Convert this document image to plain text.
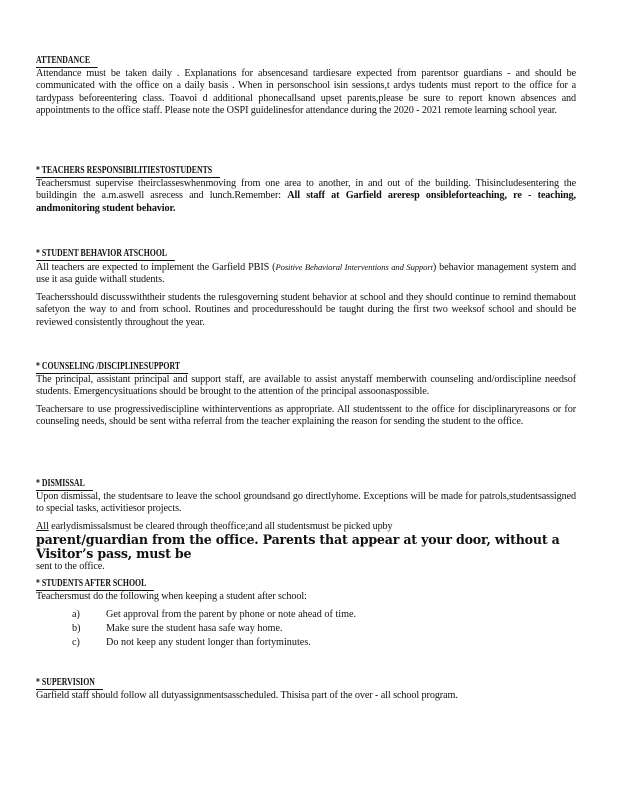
ATTENDANCE

Attendance must be taken daily . Explanations for absencesand tardiesare expected from parentsor guardians - and should be communicated with the office on a daily basis . When in personschool isin sessions,t ardys tudents must report to the office for a tardypass beforeentering class. Toavoi d additional phonecallsand upset parents,please be sure to report known absences and appointments to the office staff. Please note the OSPI guidelinesfor attendance during the 2020 - 2021 remote learning school year.

* TEACHERS RESPONSIBILITIESTOSTUDENTS

Teachersmust supervise theirclasseswhenmoving from one area to another, in and out of the building. Thisincludesentering the buildingin the a.m.aswell asrecess and lunch.Remember: All staff at Garfield areresp onsibleforteaching, re - teaching, andmonitoring student behavior.

* STUDENT BEHAVIOR ATSCHOOL

All teachers are expected to implement the Garfield PBIS (Positive Behavioral Interventions and Support) behavior management system and use it asa guide withall students.

Teachersshould discusswiththeir students the rulesgoverning student behavior at school and they should continue to remind themabout safetyon the way to and from school. Routines and proceduresshould be taught during the first two weeksof school and should be reviewed consistently throughout the year.

* COUNSELING /DISCIPLINESUPPORT

The principal, assistant principal and support staff, are available to assist anystaff memberwith counseling and/ordiscipline needsof students. Emergencysituations should be brought to the attention of the principal assoonaspossible.

Teachersare to use progressivediscipline withinterventions as appropriate. All studentssent to the office for disciplinaryreasons or for counseling needs, should be sent witha referral from the teacher explaining the reason for sending the student to the office.

* DISMISSAL

Upon dismissal, the studentsare to leave the school groundsand go directlyhome. Exceptions will be made for patrols,studentsassigned to special tasks, activitiesor projects.

All earlydismissalsmust be cleared through theoffice;and all studentsmust be picked upby

parent/guardian from the office. Parents that appear at your door, without a Visitor’s pass, must be

sent to the office.

* STUDENTS AFTER SCHOOL

Teachersmust do the following when keeping a student after school:

a)	Get approval from the parent by phone or note ahead of time.
b)	Make sure the student hasa safe way home.
c)	Do not keep any student longer than fortyminutes.
* SUPERVISION

Garfield staff should follow all dutyassignmentsasscheduled. Thisisa part of the over - all school program.
